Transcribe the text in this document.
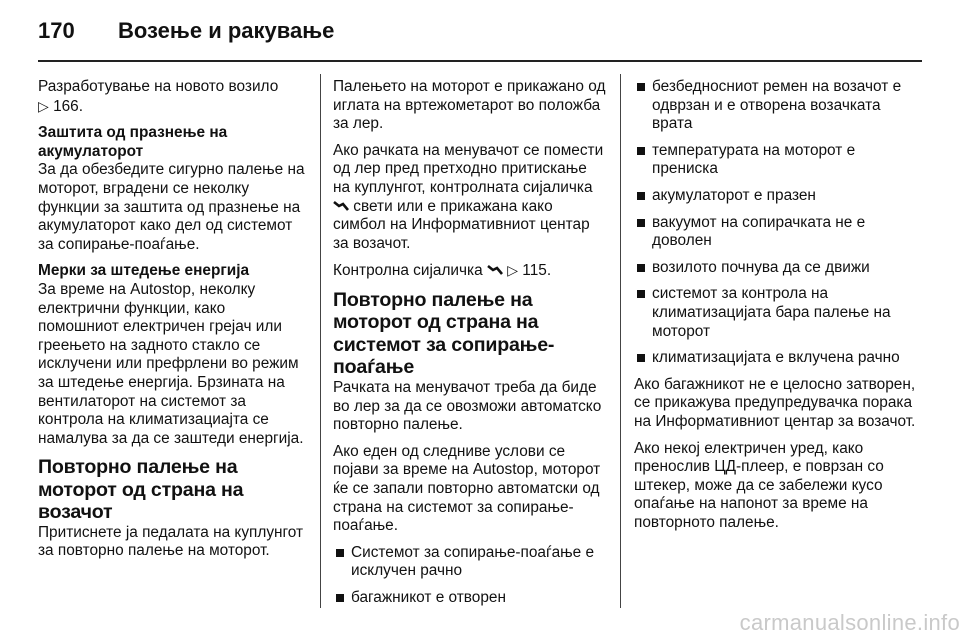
170	Возење и ракување

Разработувањe на новото возило
▷ 166.

Заштита од празнење на акумулаторот

За да обезбедите сигурно палење на моторот, вградени се неколку функции за заштита од празнење на акумулаторот како дел од системот за сопирање-поаѓање.

Мерки за штедење енергија

За време на Autostop, неколку електрични функции, како помошниот електричен грејач или греењето на задното стакло се исклучени или префрлени во режим за штедење енергија. Брзината на вентилаторот на системот за контрола на климатизациајта се намалува за да се заштеди енергија.

Повторно палење на моторот од страна на возачот

Притиснете ја педалата на куплунгот за повторно палење на моторот.

Палењето на моторот е прикажано од иглата на вртежометарот во положба за лер.

Ако рачката на менувачот се помести од лер пред претходно притискање на куплунгот, контролната сијаличка  свети или е прикажана како симбол на Информативниот центар за возачот.

Контролна сијаличка ▷ 115.

Повторно палење на моторот од страна на системот за сопирање-поаѓање

Рачката на менувачот треба да биде во лер за да се овозможи автоматско повторно палење.

Ако еден од следниве услови се појави за време на Autostop, моторот ќе се запали повторно автоматски од страна на системот за сопирање-поаѓање.

Системот за сопирање-поаѓање е исклучен рачно
багажникот е отворен
безбедносниот ремен на возачот е одврзан и е отворена возачката врата
температурата на моторот е прениска
акумулаторот е празен
вакуумот на сопирачката не е доволен
возилото почнува да се движи
системот за контрола на климатизацијата бара палење на моторот
климатизацијата е вклучена рачно

Ако багажникот не е целосно затворен, се прикажува предупредувачка порака на Информативниот центар за возачот.

Ако некој електричен уред, како пренослив ЦД-плеер, е поврзан со штекер, може да се забележи кусо опаѓање на напонот за време на повторното палење.

carmanualsonline.info
